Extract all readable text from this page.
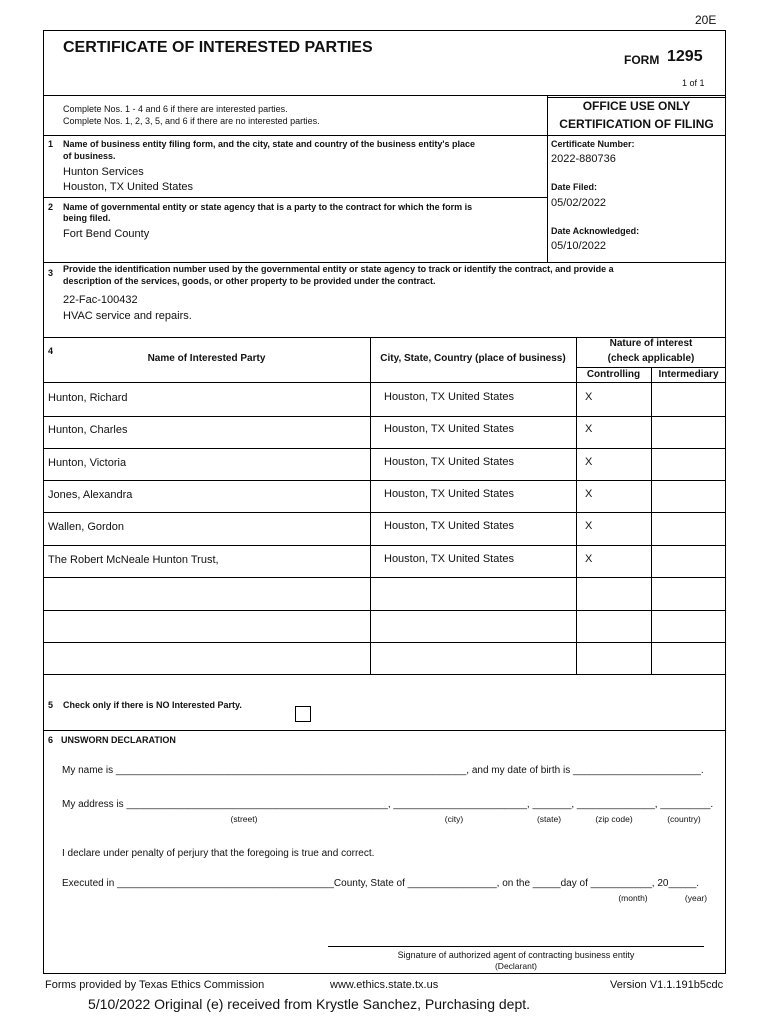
20E
CERTIFICATE OF INTERESTED PARTIES
FORM 1295
1 of 1
Complete Nos. 1 - 4 and 6 if there are interested parties.
Complete Nos. 1, 2, 3, 5, and 6 if there are no interested parties.
OFFICE USE ONLY
CERTIFICATION OF FILING
Certificate Number:
2022-880736
Date Filed:
05/02/2022
Date Acknowledged:
05/10/2022
1 Name of business entity filing form, and the city, state and country of the business entity's place
of business.
Hunton Services
Houston, TX United States
2 Name of governmental entity or state agency that is a party to the contract for which the form is
being filed.
Fort Bend County
3 Provide the identification number used by the governmental entity or state agency to track or identify the contract, and provide a
description of the services, goods, or other property to be provided under the contract.
22-Fac-100432
HVAC service and repairs.
4
Name of Interested Party	City, State, Country (place of business)
Nature of interest
(check applicable)
Controlling	Intermediary
Hunton, Richard	Houston, TX United States	X
Hunton, Charles	Houston, TX United States	X
Hunton, Victoria	Houston, TX United States	X
Jones, Alexandra	Houston, TX United States	X
Wallen, Gordon	Houston, TX United States	X
The Robert McNeale Hunton Trust,	Houston, TX United States	X
5 Check only if there is NO Interested Party.
6 UNSWORN DECLARATION
My name is _______________________________________________________________, and my date of birth is _______________________.
My address is _______________________________________________, ________________________, _______, ______________, _________.
(street)	(city)	(state)	(zip code)	(country)
I declare under penalty of perjury that the foregoing is true and correct.
Executed in _______________________________________County, State of ________________, on the _____day of ___________, 20_____.
(month)	(year)
Signature of authorized agent of contracting business entity
(Declarant)
Forms provided by Texas Ethics Commission	www.ethics.state.tx.us	Version V1.1.191b5cdc
5/10/2022 Original (e) received from Krystle Sanchez, Purchasing dept.
